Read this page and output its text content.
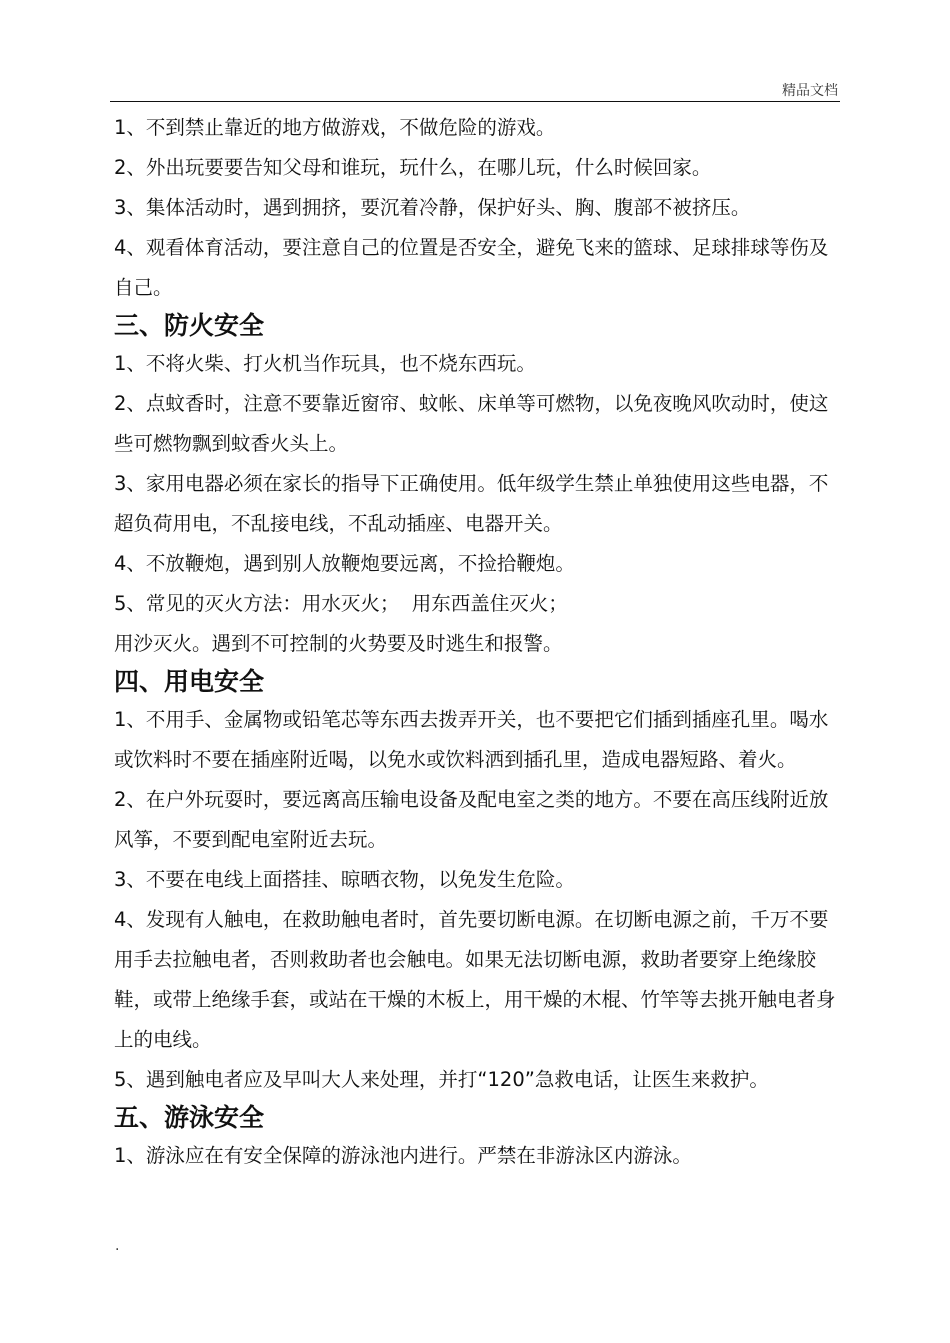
精品文档

1、不到禁止靠近的地方做游戏，不做危险的游戏。

2、外出玩要要告知父母和谁玩，玩什么，在哪儿玩，什么时候回家。

3、集体活动时，遇到拥挤，要沉着冷静，保护好头、胸、腹部不被挤压。

4、观看体育活动，要注意自己的位置是否安全，避免飞来的篮球、足球排球等伤及自己。

三、防火安全

1、不将火柴、打火机当作玩具，也不烧东西玩。

2、点蚊香时，注意不要靠近窗帘、蚊帐、床单等可燃物，以免夜晚风吹动时，使这些可燃物飘到蚊香火头上。

3、家用电器必须在家长的指导下正确使用。低年级学生禁止单独使用这些电器，不超负荷用电，不乱接电线，不乱动插座、电器开关。

4、不放鞭炮，遇到别人放鞭炮要远离，不捡拾鞭炮。

5、常见的灭火方法：用水灭火；  用东西盖住灭火；

用沙灭火。遇到不可控制的火势要及时逃生和报警。

四、用电安全

1、不用手、金属物或铅笔芯等东西去拨弄开关，也不要把它们插到插座孔里。喝水或饮料时不要在插座附近喝，以免水或饮料洒到插孔里，造成电器短路、着火。

2、在户外玩耍时，要远离高压输电设备及配电室之类的地方。不要在高压线附近放风筝，不要到配电室附近去玩。

3、不要在电线上面搭挂、晾晒衣物，以免发生危险。

4、发现有人触电，在救助触电者时，首先要切断电源。在切断电源之前，千万不要用手去拉触电者，否则救助者也会触电。如果无法切断电源，救助者要穿上绝缘胶鞋，或带上绝缘手套，或站在干燥的木板上，用干燥的木棍、竹竿等去挑开触电者身上的电线。

5、遇到触电者应及早叫大人来处理，并打“120”急救电话，让医生来救护。

五、游泳安全

1、游泳应在有安全保障的游泳池内进行。严禁在非游泳区内游泳。

.
